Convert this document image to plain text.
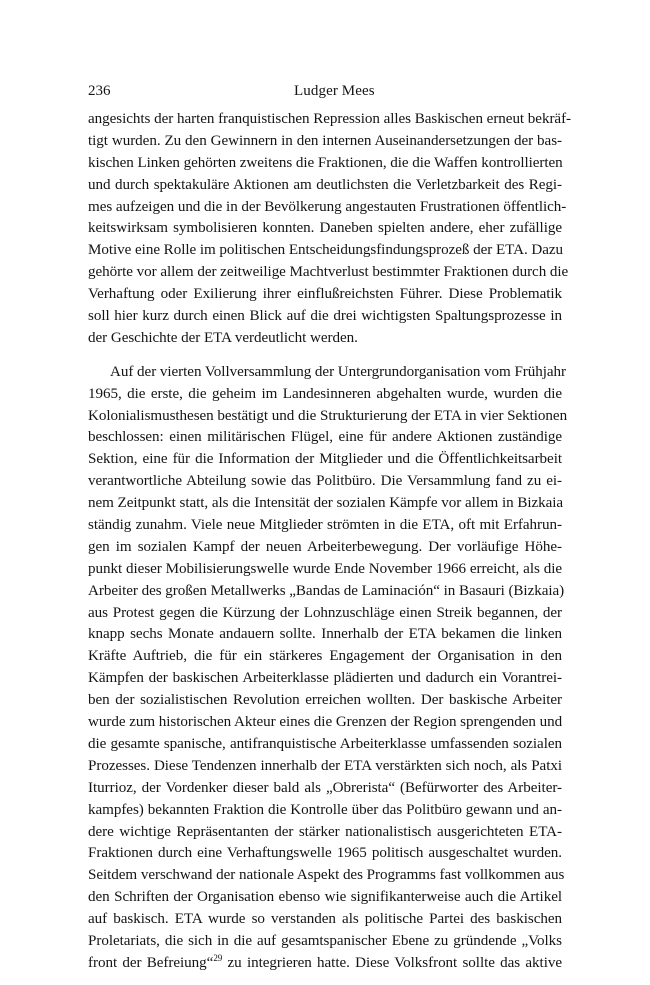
236	Ludger Mees
angesichts der harten franquistischen Repression alles Baskischen erneut bekräf-
tigt wurden. Zu den Gewinnern in den internen Auseinandersetzungen der bas-
kischen Linken gehörten zweitens die Fraktionen, die die Waffen kontrollierten
und durch spektakuläre Aktionen am deutlichsten die Verletzbarkeit des Regi-
mes aufzeigen und die in der Bevölkerung angestauten Frustrationen öffentlich-
keitswirksam symbolisieren konnten. Daneben spielten andere, eher zufällige
Motive eine Rolle im politischen Entscheidungsfindungsprozeß der ETA. Dazu
gehörte vor allem der zeitweilige Machtverlust bestimmter Fraktionen durch die
Verhaftung oder Exilierung ihrer einflußreichsten Führer. Diese Problematik
soll hier kurz durch einen Blick auf die drei wichtigsten Spaltungsprozesse in
der Geschichte der ETA verdeutlicht werden.
Auf der vierten Vollversammlung der Untergrundorganisation vom Frühjahr
1965, die erste, die geheim im Landesinneren abgehalten wurde, wurden die
Kolonialismusthesen bestätigt und die Strukturierung der ETA in vier Sektionen
beschlossen: einen militärischen Flügel, eine für andere Aktionen zuständige
Sektion, eine für die Information der Mitglieder und die Öffentlichkeitsarbeit
verantwortliche Abteilung sowie das Politbüro. Die Versammlung fand zu ei-
nem Zeitpunkt statt, als die Intensität der sozialen Kämpfe vor allem in Bizkaia
ständig zunahm. Viele neue Mitglieder strömten in die ETA, oft mit Erfahrun-
gen im sozialen Kampf der neuen Arbeiterbewegung. Der vorläufige Höhe-
punkt dieser Mobilisierungswelle wurde Ende November 1966 erreicht, als die
Arbeiter des großen Metallwerks „Bandas de Laminación“ in Basauri (Bizkaia)
aus Protest gegen die Kürzung der Lohnzuschläge einen Streik begannen, der
knapp sechs Monate andauern sollte. Innerhalb der ETA bekamen die linken
Kräfte Auftrieb, die für ein stärkeres Engagement der Organisation in den
Kämpfen der baskischen Arbeiterklasse plädierten und dadurch ein Vorantrei-
ben der sozialistischen Revolution erreichen wollten. Der baskische Arbeiter
wurde zum historischen Akteur eines die Grenzen der Region sprengenden und
die gesamte spanische, antifranquistische Arbeiterklasse umfassenden sozialen
Prozesses. Diese Tendenzen innerhalb der ETA verstärkten sich noch, als Patxi
Iturrioz, der Vordenker dieser bald als „Obrerista“ (Befürworter des Arbeiter-
kampfes) bekannten Fraktion die Kontrolle über das Politbüro gewann und an-
dere wichtige Repräsentanten der stärker nationalistisch ausgerichteten ETA-
Fraktionen durch eine Verhaftungswelle 1965 politisch ausgeschaltet wurden.
Seitdem verschwand der nationale Aspekt des Programms fast vollkommen aus
den Schriften der Organisation ebenso wie signifikanterweise auch die Artikel
auf baskisch. ETA wurde so verstanden als politische Partei des baskischen
Proletariats, die sich in die auf gesamtspanischer Ebene zu gründende „Volks
front der Befreiung“$^{29}$ zu integrieren hatte. Diese Volksfront sollte das aktive
